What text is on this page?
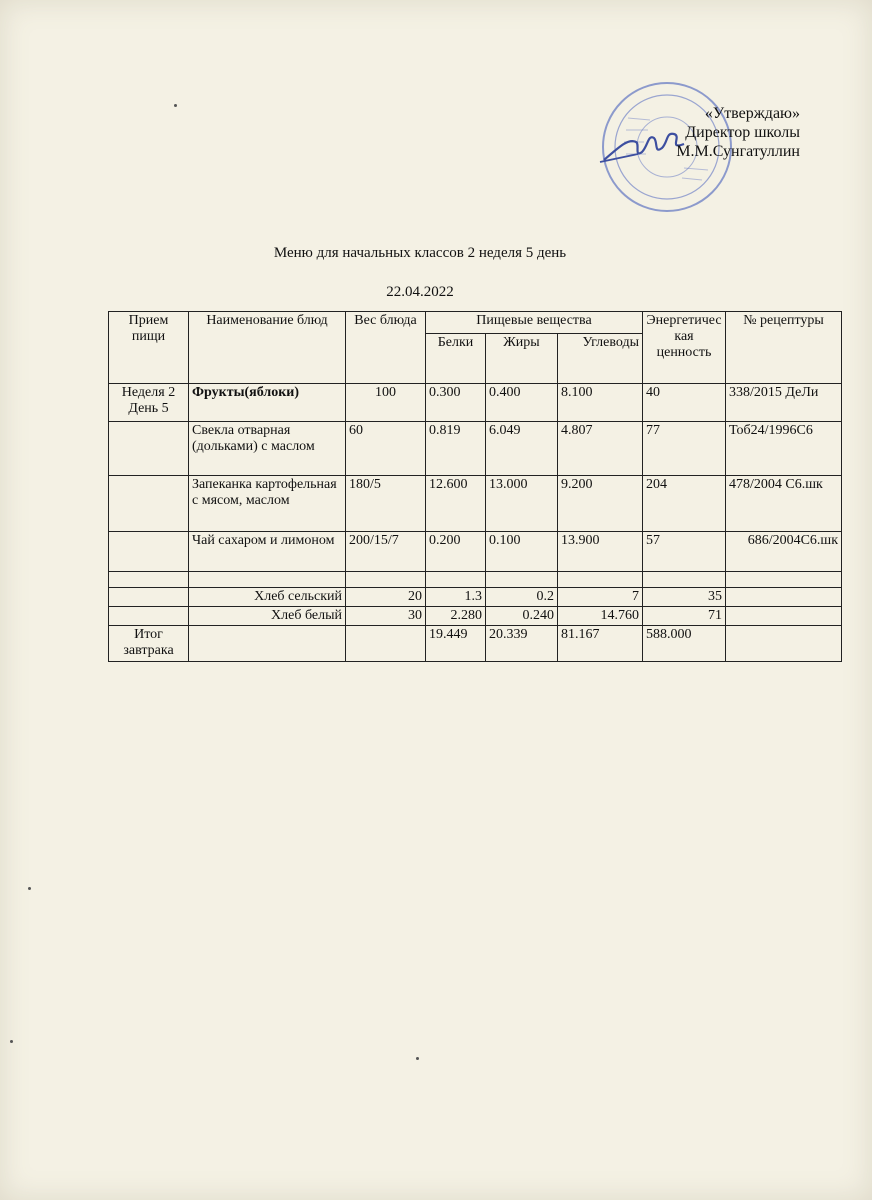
«Утверждаю»
Директор школы
М.М.Сунгатуллин
Меню для начальных классов 2 неделя 5 день
22.04.2022
Прием пищи	Наименование блюд	Вес блюда	Пищевые вещества			Энергетическая ценность	№ рецептуры
			Белки	Жиры	Углеводы		
Неделя 2 День 5	Фрукты(яблоки)	100	0.300	0.400	8.100	40	338/2015 ДеЛи
	Свекла отварная (дольками) с маслом	60	0.819	6.049	4.807	77	Тоб24/1996С6
	Запеканка картофельная с мясом, маслом	180/5	12.600	13.000	9.200	204	478/2004 С6.шк
	Чай сахаром и лимоном	200/15/7	0.200	0.100	13.900	57	686/2004С6.шк

	Хлеб сельский	20	1.3	0.2	7	35	
	Хлеб белый	30	2.280	0.240	14.760	71	
Итог завтрака			19.449	20.339	81.167	588.000	
